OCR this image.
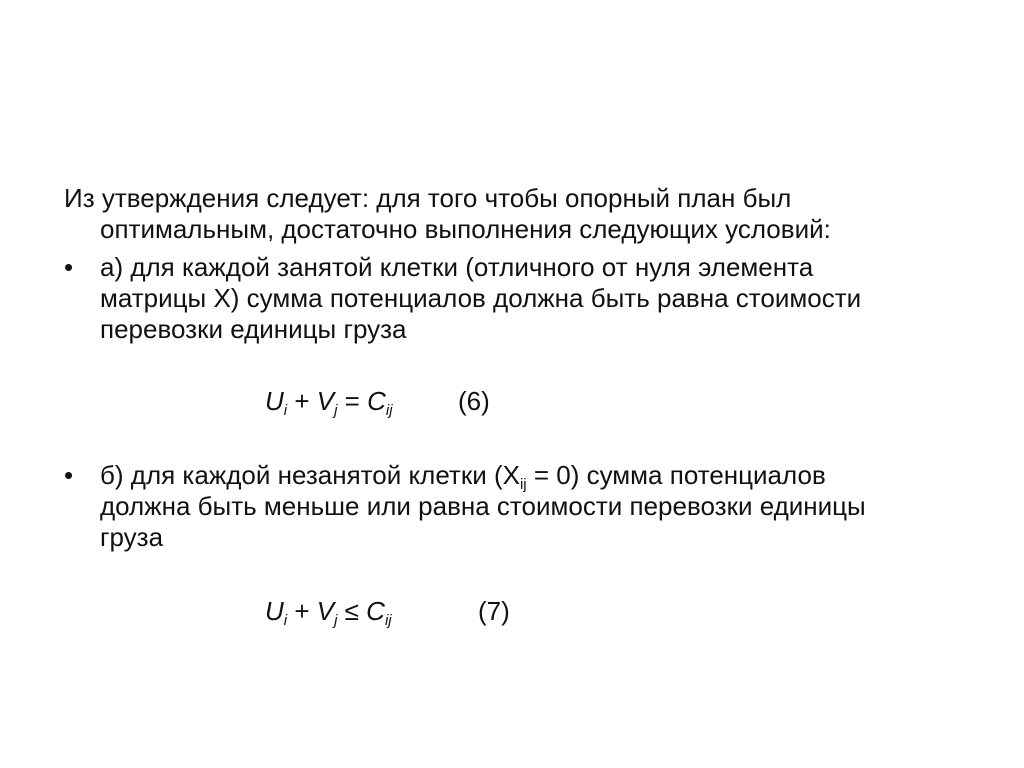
Из утверждения следует: для того чтобы опорный план был
оптимальным, достаточно выполнения следующих условий:

•	а) для каждой занятой клетки (отличного от нуля элемента
матрицы Х) сумма потенциалов должна быть равна стоимости
перевозки единицы груза
$U_i + V_j = C_{ij}$	(6)
•	б) для каждой незанятой клетки $(Х_{ij} = 0)$ сумма потенциалов
должна быть меньше или равна стоимости перевозки единицы
груза
$U_i + V_j \le C_{ij}$	(7)
